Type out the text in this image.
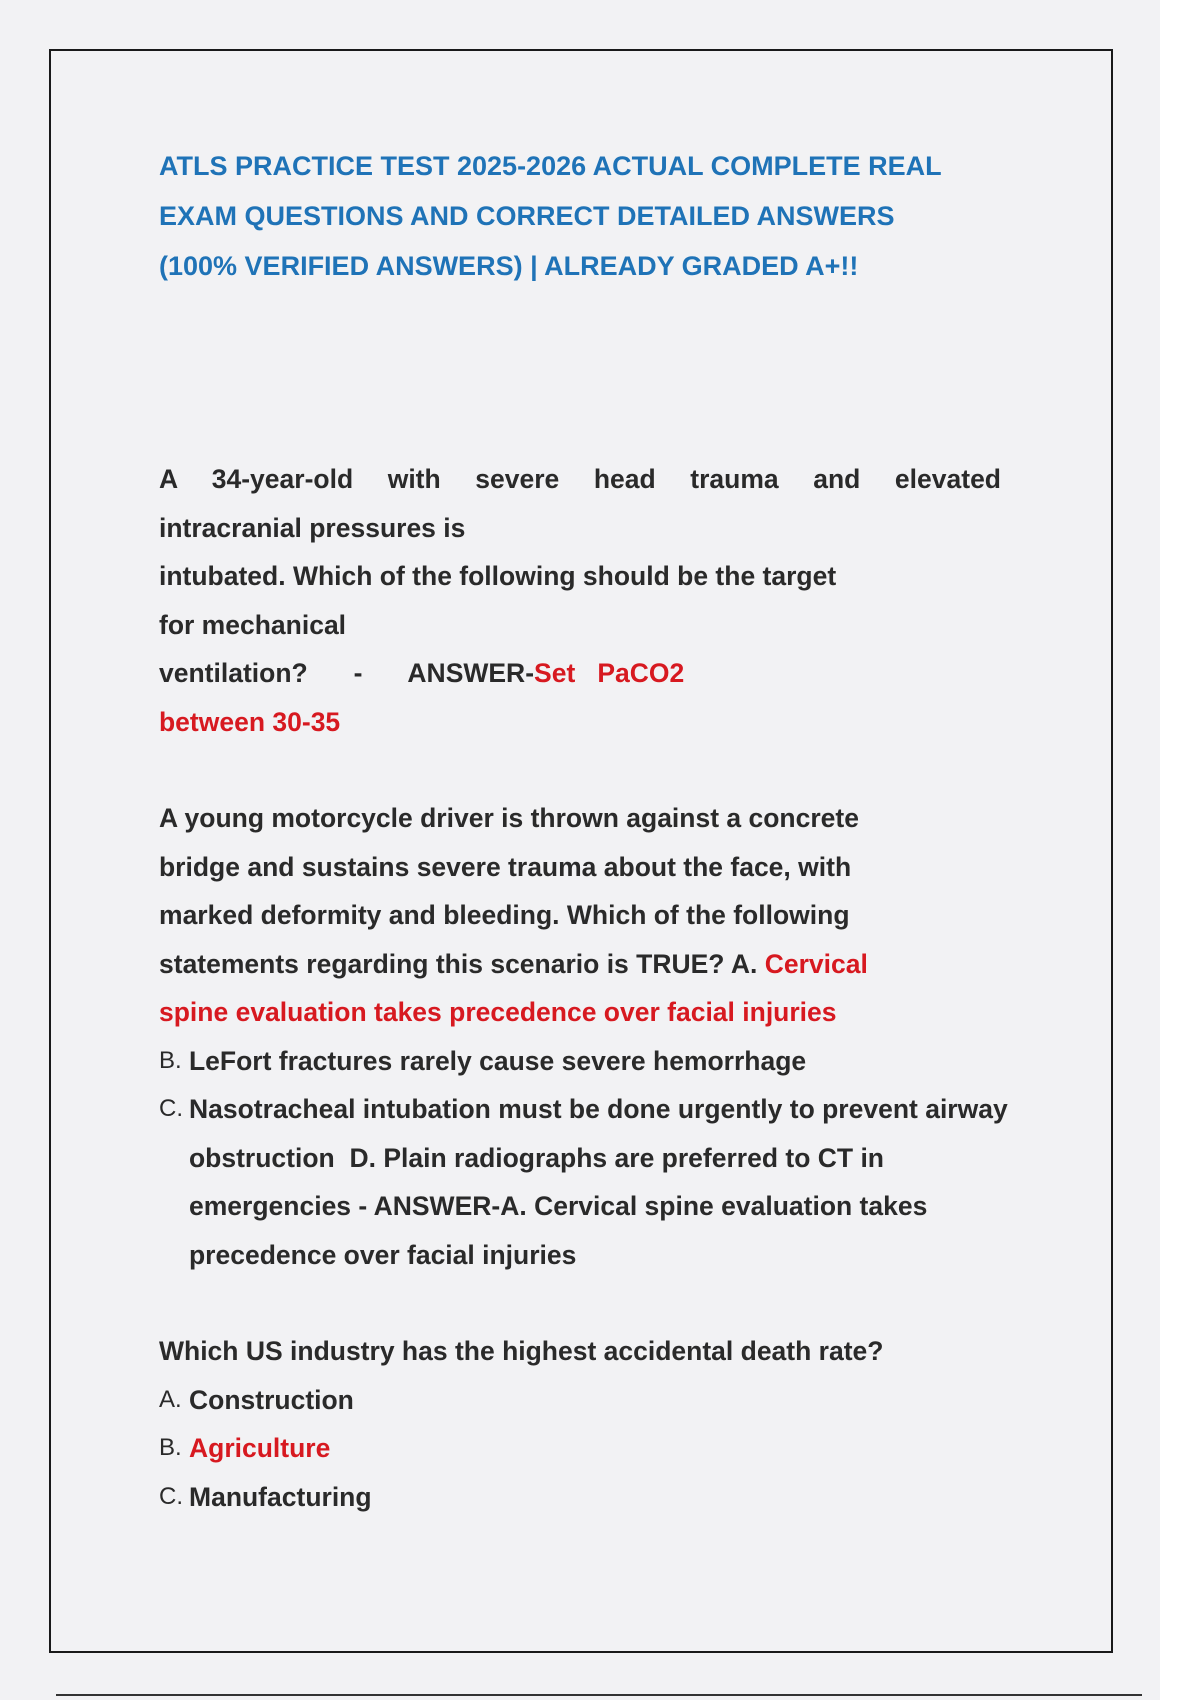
ATLS PRACTICE TEST 2025-2026 ACTUAL COMPLETE REAL
EXAM QUESTIONS AND CORRECT DETAILED ANSWERS
(100% VERIFIED ANSWERS) | ALREADY GRADED A+!!
A 34-year-old with severe head trauma and elevated
intracranial pressures is
intubated. Which of the following should be the target
for mechanical
ventilation?   -   ANSWER-Set   PaCO2
between 30-35
A young motorcycle driver is thrown against a concrete
bridge and sustains severe trauma about the face, with
marked deformity and bleeding. Which of the following
statements regarding this scenario is TRUE? A. Cervical
spine evaluation takes precedence over facial injuries
B. LeFort fractures rarely cause severe hemorrhage
C. Nasotracheal intubation must be done urgently to prevent airway obstruction  D. Plain radiographs are preferred to CT in emergencies - ANSWER-A. Cervical spine evaluation takes precedence over facial injuries
Which US industry has the highest accidental death rate?
A. Construction
B. Agriculture
C. Manufacturing
